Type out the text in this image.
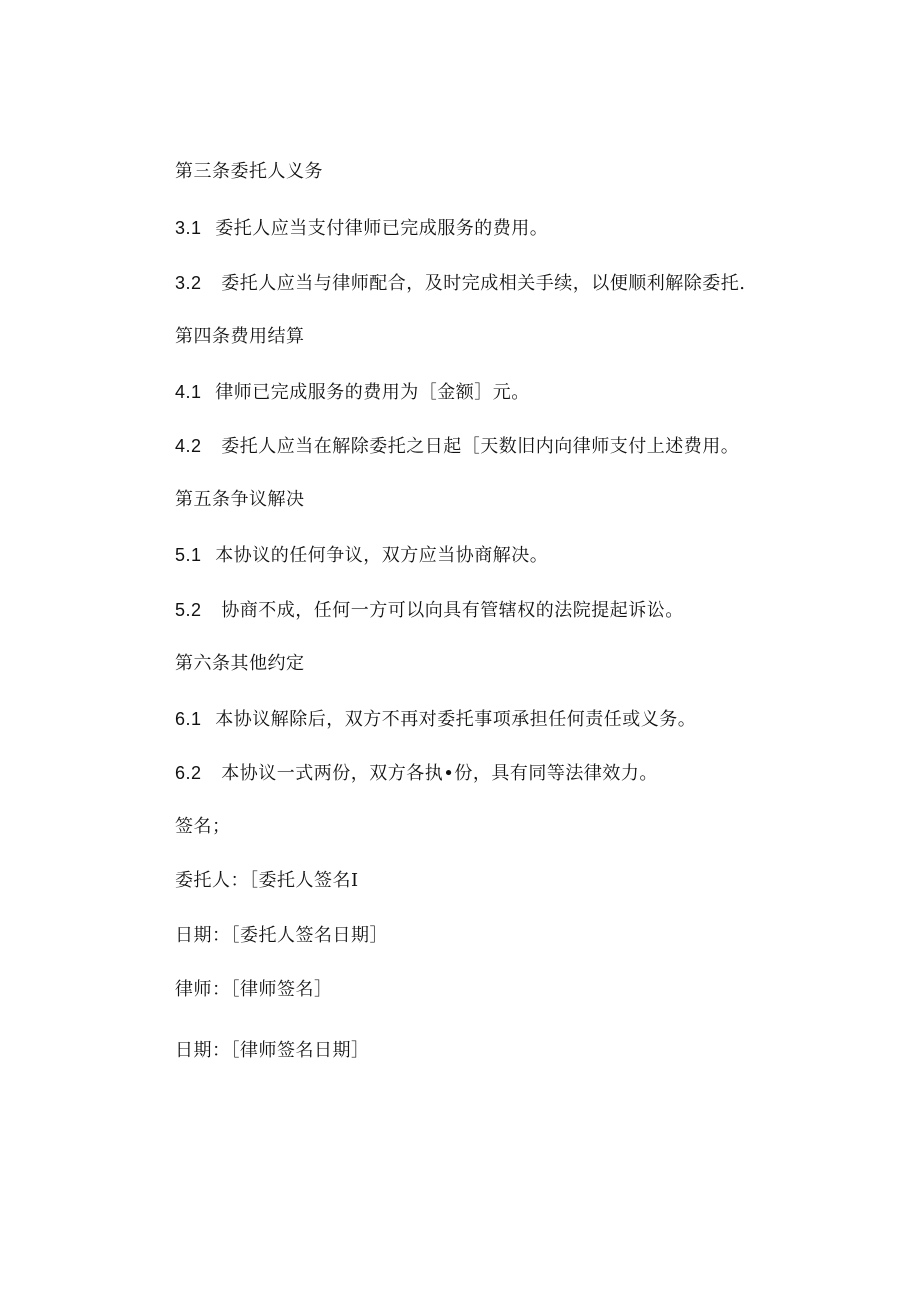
第三条委托人义务
3.1 委托人应当支付律师已完成服务的费用。
3.2 委托人应当与律师配合，及时完成相关手续，以便顺利解除委托.
第四条费用结算
4.1 律师已完成服务的费用为［金额］元。
4.2 委托人应当在解除委托之日起［天数旧内向律师支付上述费用。
第五条争议解决
5.1 本协议的任何争议，双方应当协商解决。
5.2 协商不成，任何一方可以向具有管辖权的法院提起诉讼。
第六条其他约定
6.1 本协议解除后，双方不再对委托事项承担任何责任或义务。
6.2 本协议一式两份，双方各执•份，具有同等法律效力。
签名；
委托人：［委托人签名I
日期：［委托人签名日期］
律师：［律师签名］
日期：［律师签名日期］
